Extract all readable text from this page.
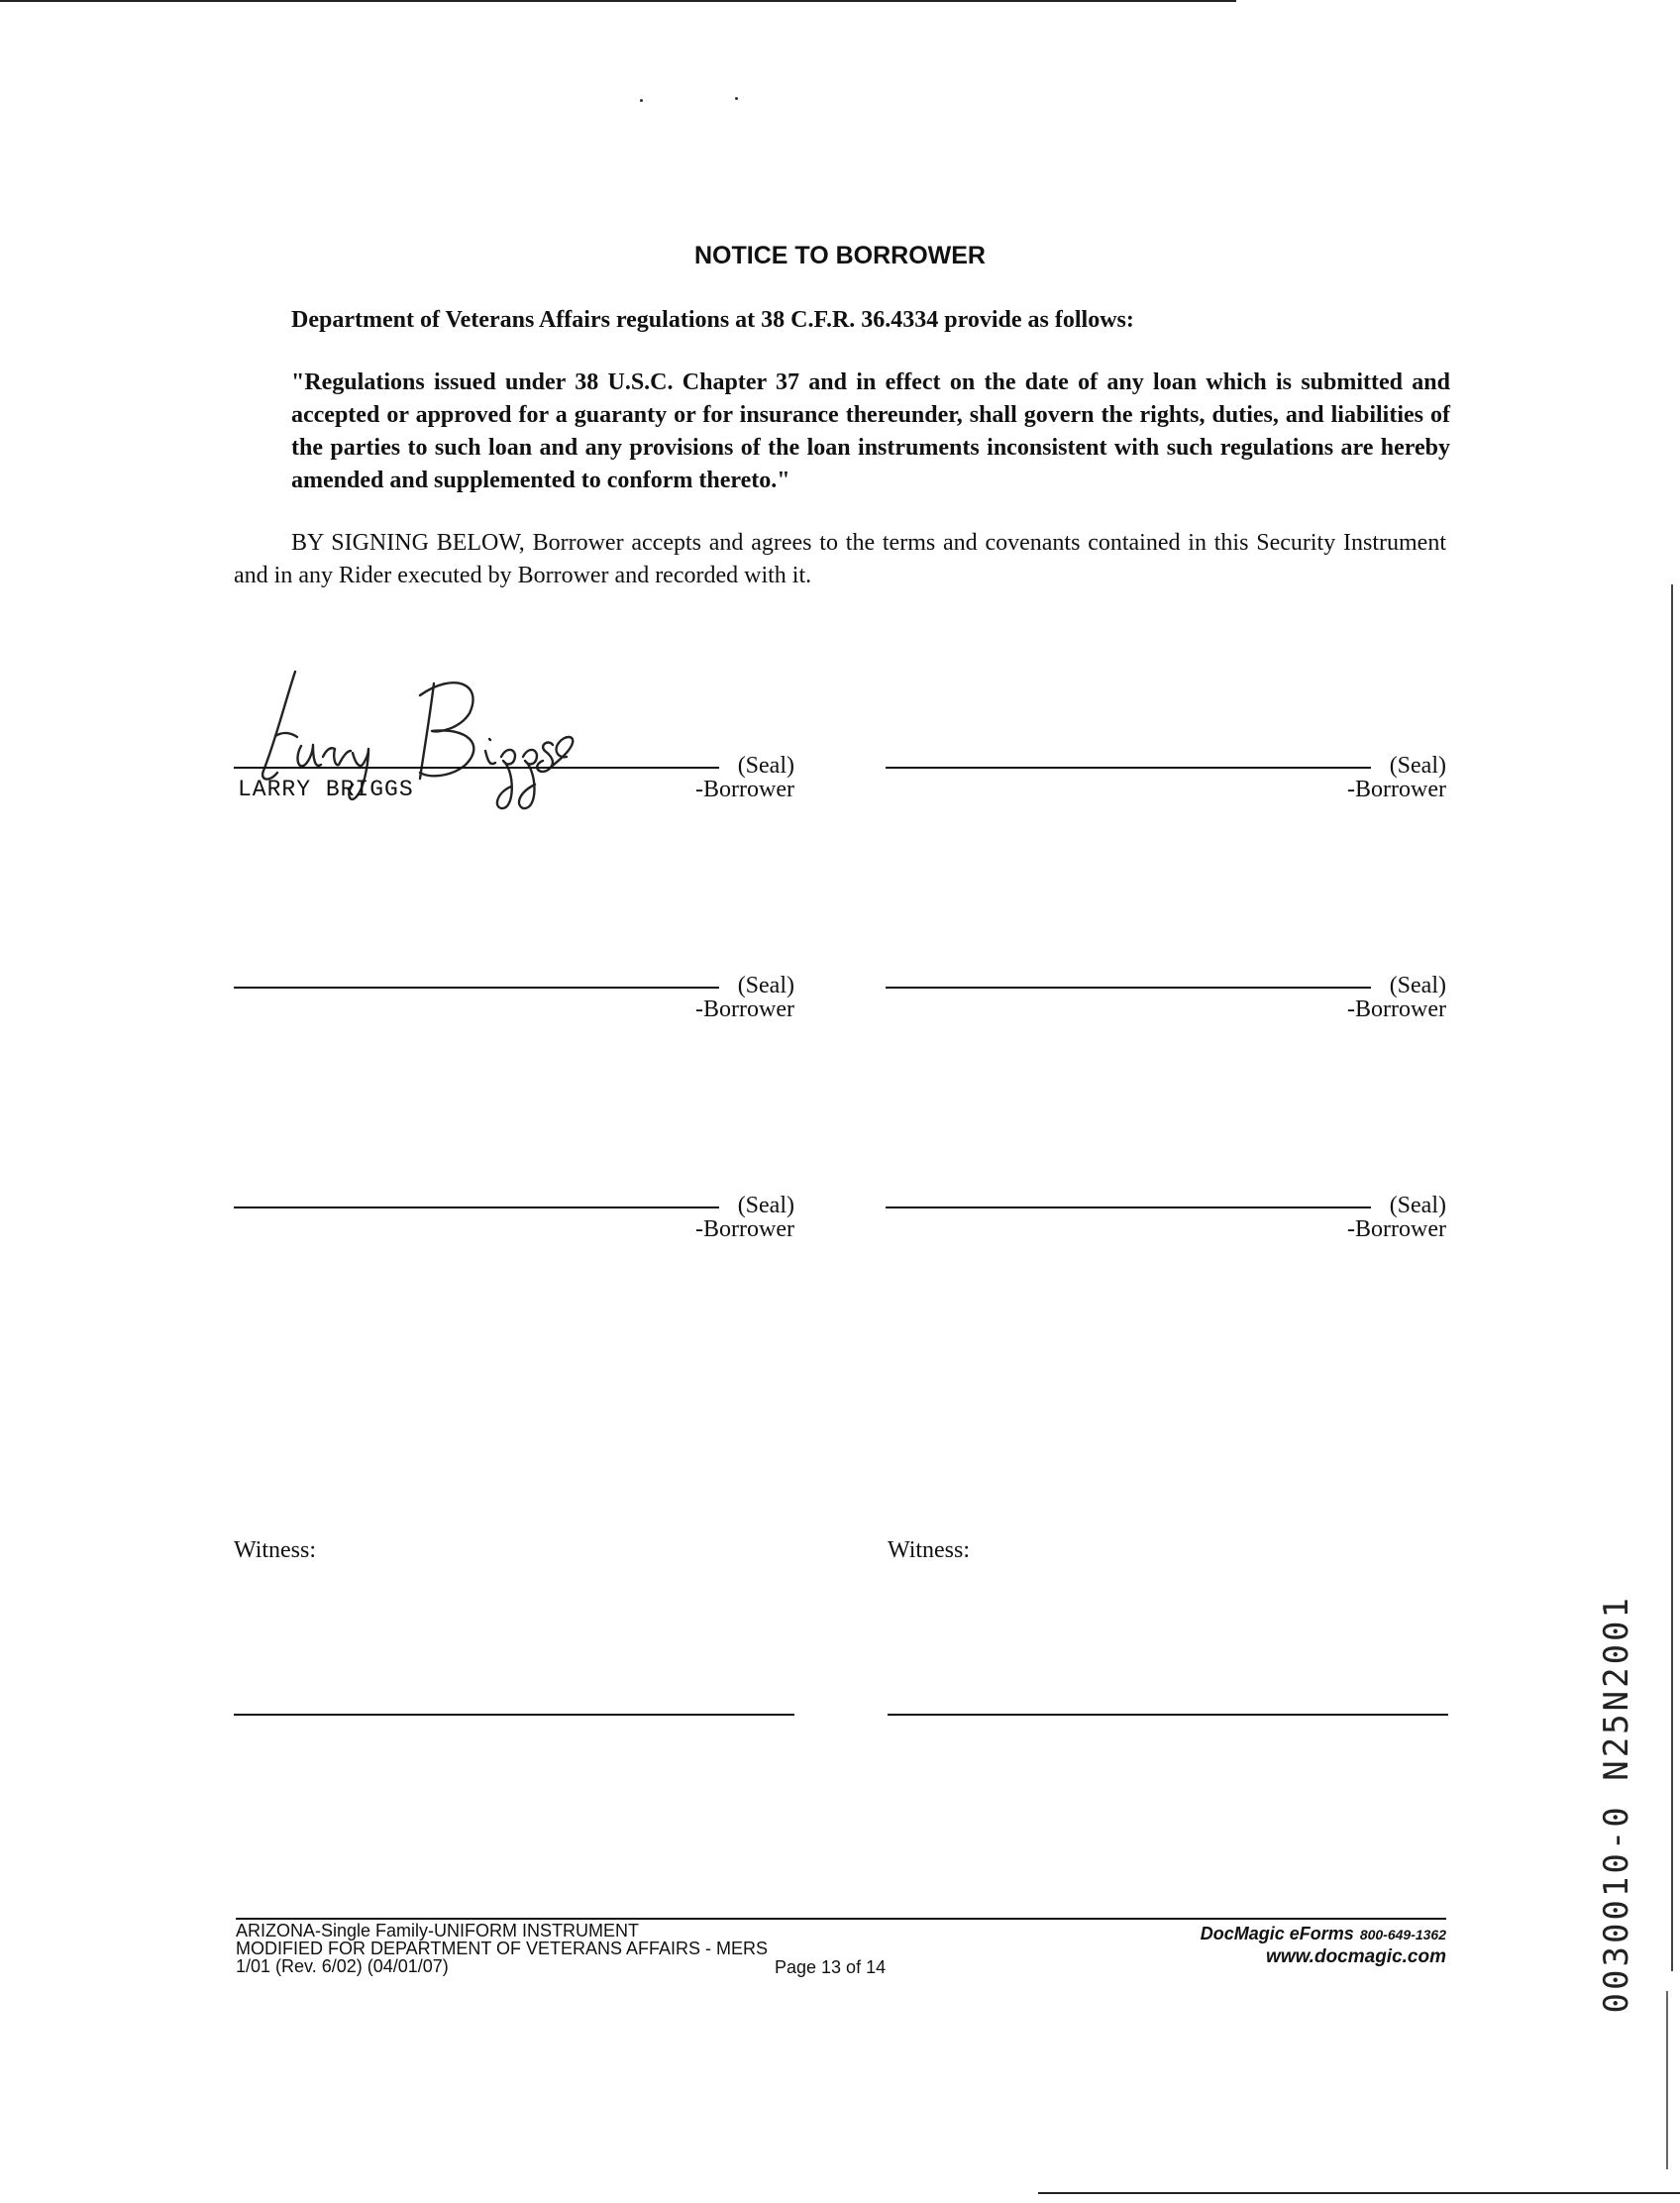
NOTICE TO BORROWER
Department of Veterans Affairs regulations at 38 C.F.R. 36.4334 provide as follows:
"Regulations issued under 38 U.S.C. Chapter 37 and in effect on the date of any loan which is submitted and accepted or approved for a guaranty or for insurance thereunder, shall govern the rights, duties, and liabilities of the parties to such loan and any provisions of the loan instruments inconsistent with such regulations are hereby amended and supplemented to conform thereto."
BY SIGNING BELOW, Borrower accepts and agrees to the terms and covenants contained in this Security Instrument and in any Rider executed by Borrower and recorded with it.
(Seal)
LARRY BRIGGS	-Borrower
(Seal)
-Borrower
(Seal)
-Borrower
(Seal)
-Borrower
(Seal)
-Borrower
(Seal)
-Borrower
Witness:	Witness:
0030010-0 N25N2001
ARIZONA-Single Family-UNIFORM INSTRUMENT
MODIFIED FOR DEPARTMENT OF VETERANS AFFAIRS - MERS
1/01 (Rev. 6/02) (04/01/07)	Page 13 of 14
DocMagic eForms 800-649-1362
www.docmagic.com
